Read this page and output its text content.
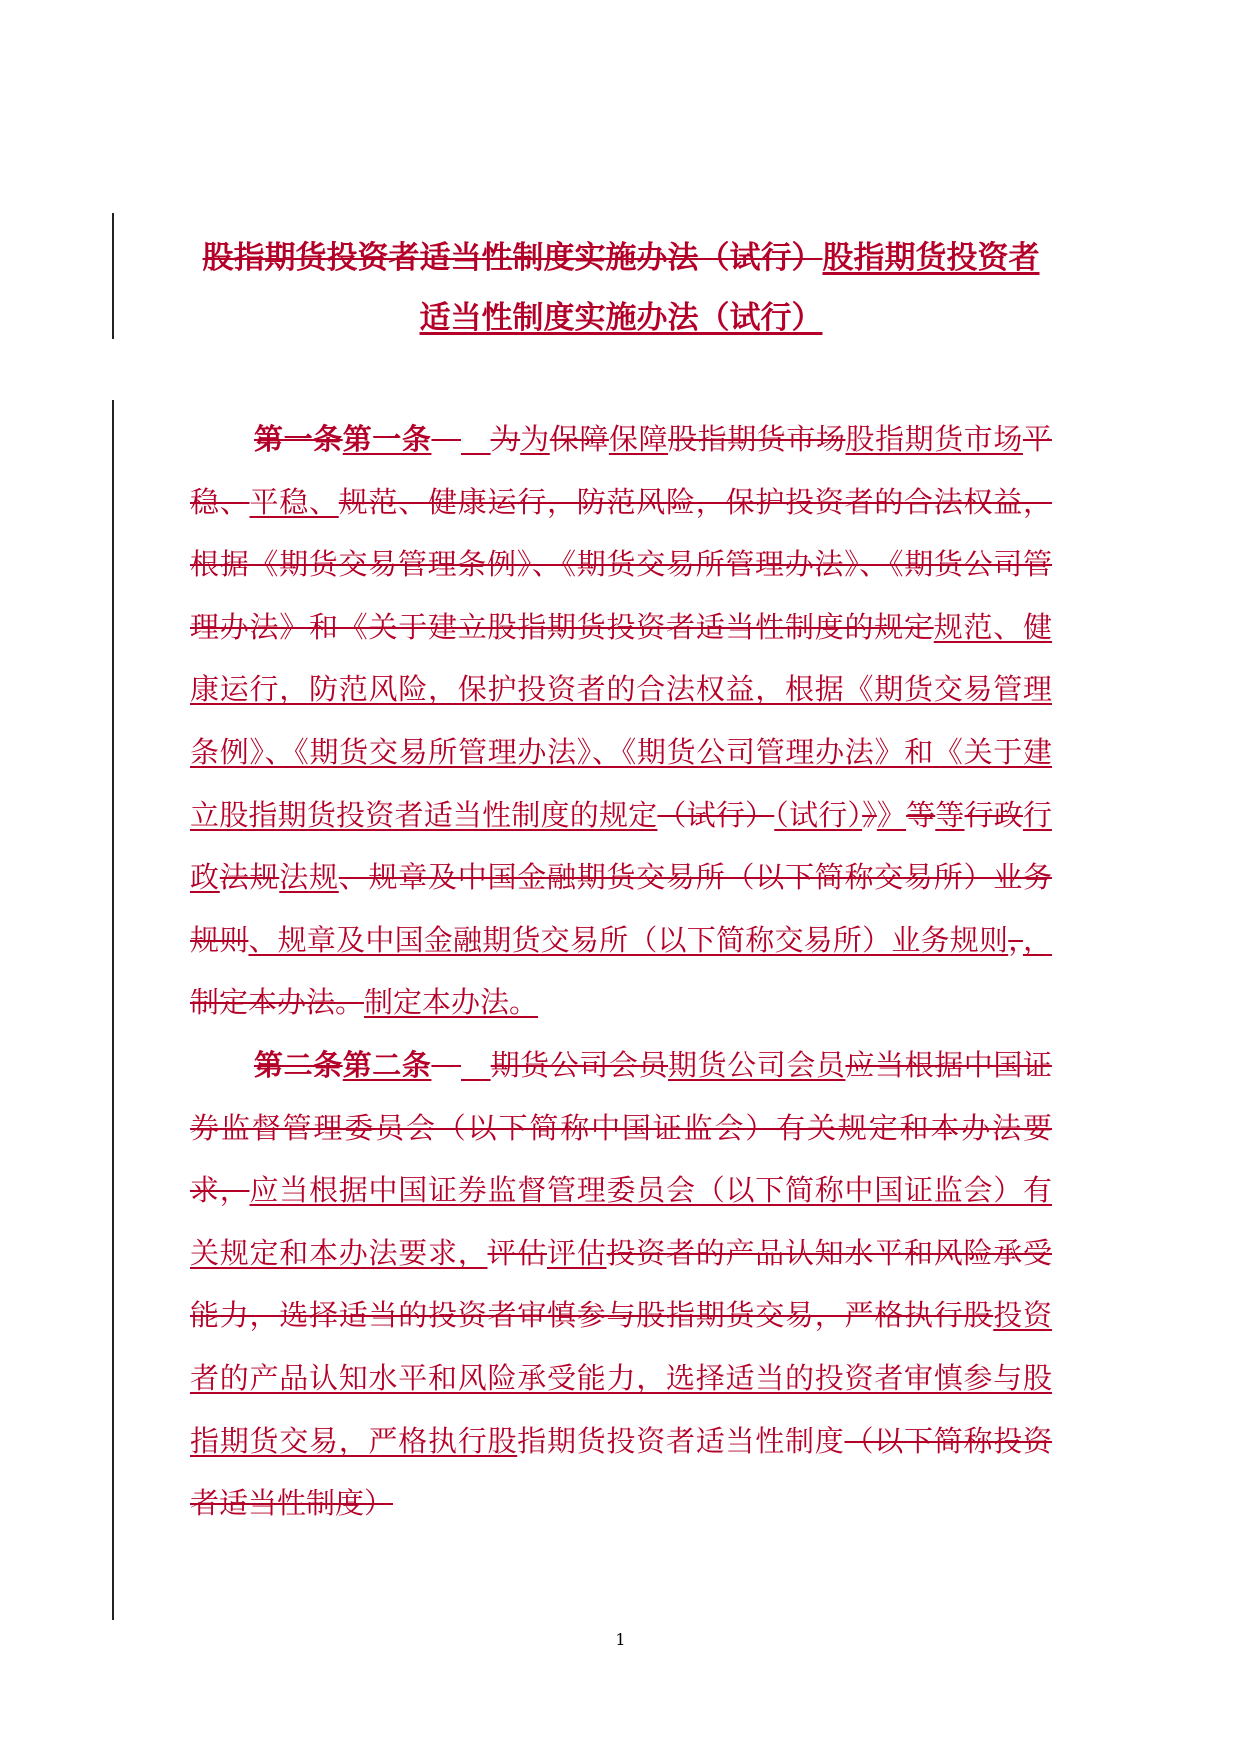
股指期货投资者适当性制度实施办法（试行）股指期货投资者适当性制度实施办法（试行）

第一条第一条　　 为为保障保障股指期货市场股指期货市场平稳、平稳、规范、健康运行，防范风险，保护投资者的合法权益，根据《期货交易管理条例》、《期货交易所管理办法》、《期货公司管理办法》和《关于建立股指期货投资者适当性制度的规定规范、健康运行，防范风险，保护投资者的合法权益，根据《期货交易管理条例》、《期货交易所管理办法》、《期货公司管理办法》和《关于建立股指期货投资者适当性制度的规定（试行）（试行）》》等等行政行政法规法规、规章及中国金融期货交易所（以下简称交易所）业务规则、规章及中国金融期货交易所（以下简称交易所）业务规则，，制定本办法。制定本办法。

第二条第二条　　 期货公司会员期货公司会员应当根据中国证券监督管理委员会（以下简称中国证监会）有关规定和本办法要求，应当根据中国证券监督管理委员会（以下简称中国证监会）有关规定和本办法要求，评估评估投资者的产品认知水平和风险承受能力，选择适当的投资者审慎参与股指期货交易，严格执行股投资者的产品认知水平和风险承受能力，选择适当的投资者审慎参与股指期货交易，严格执行股指期货投资者适当性制度（以下简称投资者适当性制度）

1
